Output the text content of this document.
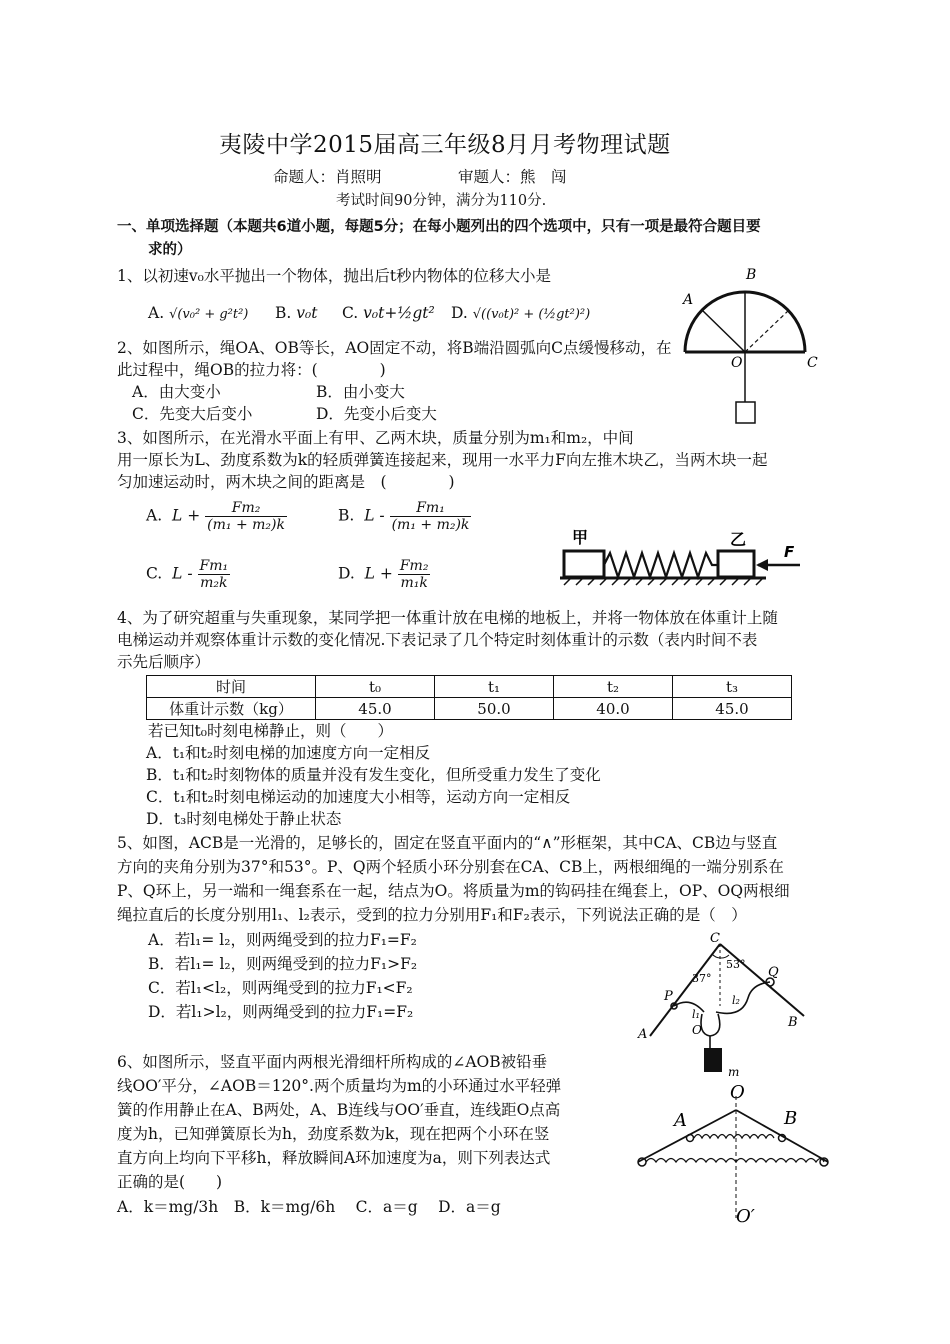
夷陵中学2015届高三年级8月月考物理试题
命题人：肖照明	审题人：熊　闯
考试时间90分钟，满分为110分.
一、单项选择题（本题共6道小题，每题5分；在每小题列出的四个选项中，只有一项是最符合题目要
求的）
1、以初速v₀水平抛出一个物体，抛出后t秒内物体的位移大小是
A. √(v₀² + g²t²) B. v₀t C. v₀t+½gt² D. √((v₀t)² + (½gt²)²)
2、如图所示，绳OA、OB等长，AO固定不动，将B端沿圆弧向C点缓慢移动，在
此过程中，绳OB的拉力将：(　　　　)
A．由大变小	B．由小变大
C．先变大后变小	D．先变小后变大
A
B
O	C
3、如图所示，在光滑水平面上有甲、乙两木块，质量分别为m₁和m₂，中间
用一原长为L、劲度系数为k的轻质弹簧连接起来，现用一水平力F向左推木块乙，当两木块一起
匀加速运动时，两木块之间的距离是　(　　　　)
A. $L + \frac{\text{Fm₂}}{\text{(m₁ + m₂)k}}$	B. L - $\frac{\text{Fm₁}}{\text{(m₁ + m₂)k}}$
C. L - $\frac{\text{Fm₁}}{\text{m₂k}}$	D. $L + \frac{\text{Fm₂}}{\text{m₁k}}$
甲	乙
F
4、为了研究超重与失重现象，某同学把一体重计放在电梯的地板上，并将一物体放在体重计上随
电梯运动并观察体重计示数的变化情况.下表记录了几个特定时刻体重计的示数（表内时间不表
示先后顺序）
时间	t₀	t₁	t₂	t₃
体重计示数（kg）	45.0	50.0	40.0	45.0
若已知t₀时刻电梯静止，则（　　）
A．t₁和t₂时刻电梯的加速度方向一定相反
B．t₁和t₂时刻物体的质量并没有发生变化，但所受重力发生了变化
C．t₁和t₂时刻电梯运动的加速度大小相等，运动方向一定相反
D．t₃时刻电梯处于静止状态
5、如图，ACB是一光滑的，足够长的，固定在竖直平面内的“∧”形框架，其中CA、CB边与竖直
方向的夹角分别为37°和53°。P、Q两个轻质小环分别套在CA、CB上，两根细绳的一端分别系在
P、Q环上，另一端和一绳套系在一起，结点为O。将质量为m的钩码挂在绳套上，OP、OQ两根细
绳拉直后的长度分别用l₁、l₂表示，受到的拉力分别用F₁和F₂表示，下列说法正确的是（　）
A．若l₁= l₂，则两绳受到的拉力F₁=F₂
B．若l₁= l₂，则两绳受到的拉力F₁>F₂
C．若l₁<l₂，则两绳受到的拉力F₁<F₂
D．若l₁>l₂，则两绳受到的拉力F₁=F₂
C
37°
53°
P
Q
l₁
l₂
O
A
B
m
6、如图所示，竖直平面内两根光滑细杆所构成的∠AOB被铅垂
线OO′平分，∠AOB＝120°.两个质量均为m的小环通过水平轻弹
簧的作用静止在A、B两处，A、B连线与OO′垂直，连线距O点高
度为h，已知弹簧原长为h，劲度系数为k，现在把两个小环在竖
直方向上均向下平移h，释放瞬间A环加速度为a，则下列表达式
正确的是(　　)
A．k＝mg/3h　B．k＝mg/6h　 C．a＝g　 D．a＝g
O
A	B
O′
